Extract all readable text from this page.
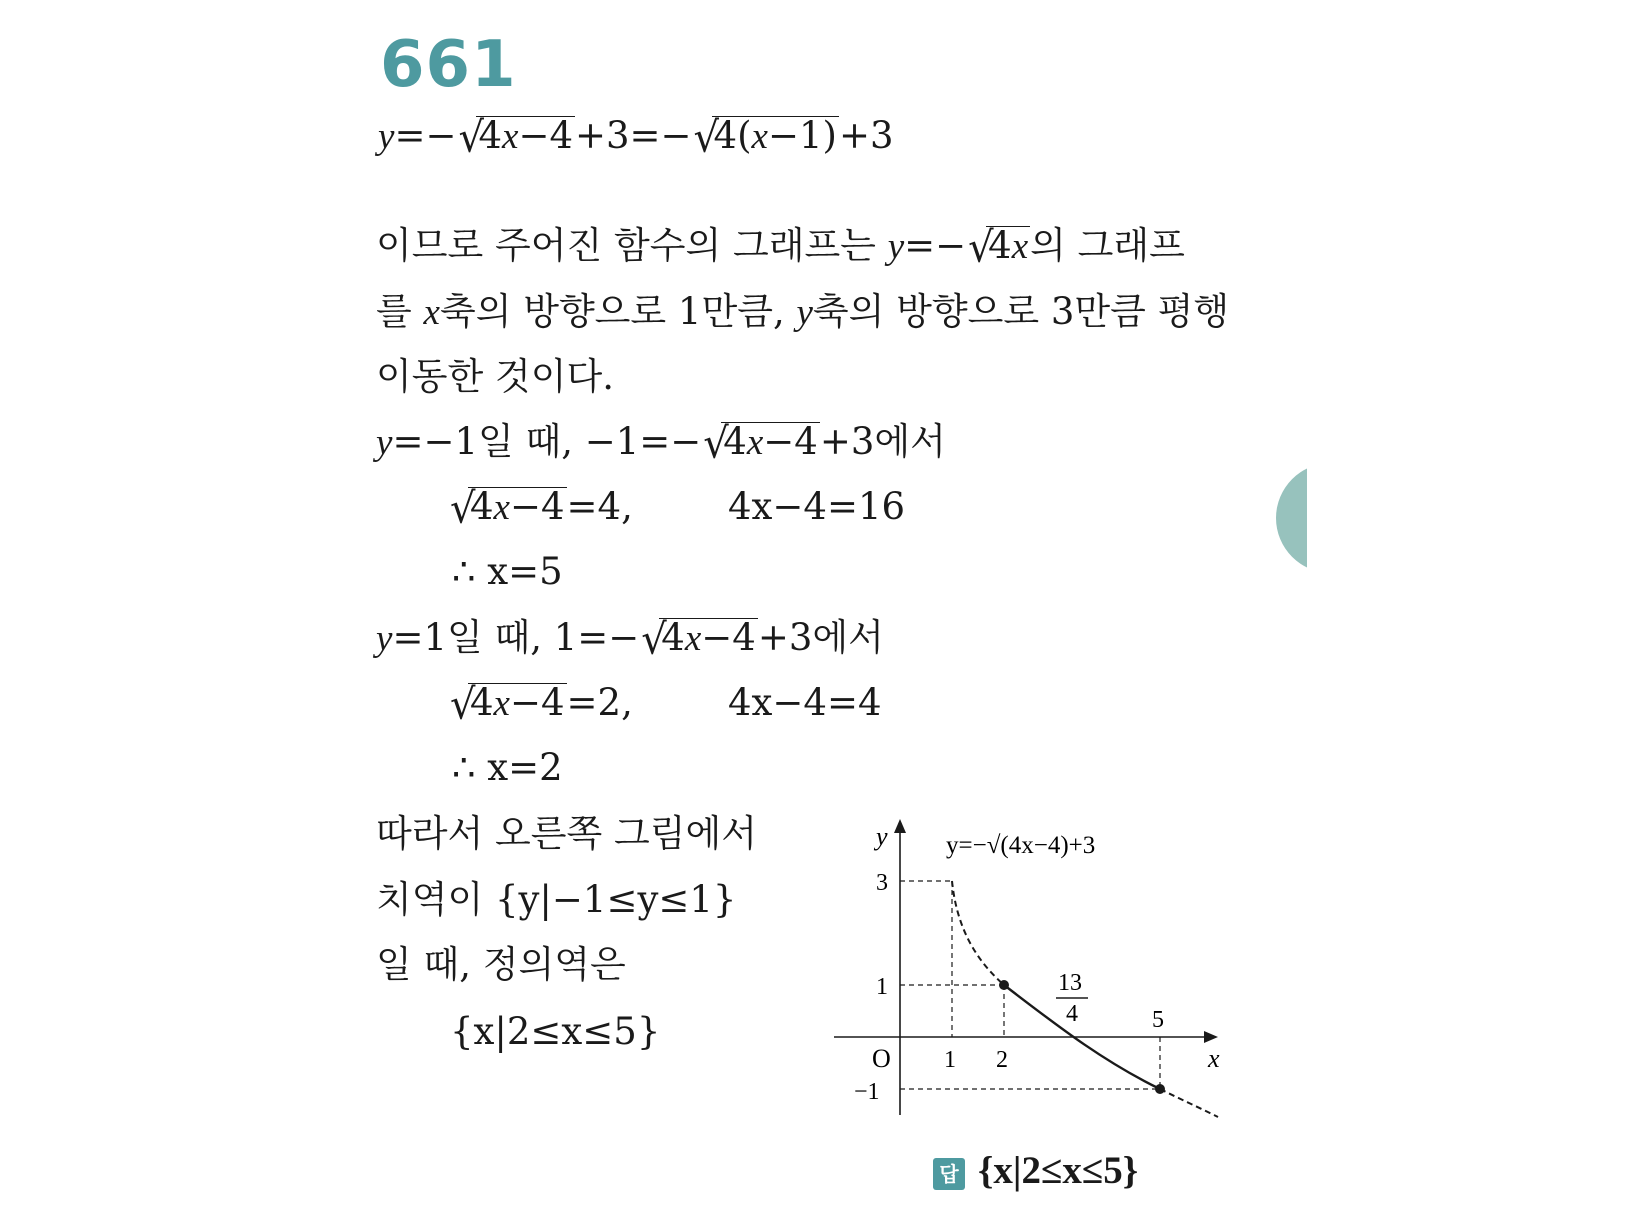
661
y=− √
4x−4+3=− √
4(x−1)+3
이므로 주어진 함수의 그래프는 y=− √
4x의 그래프
를 x축의 방향으로 1만큼, y축의 방향으로 3만큼 평행
이동한 것이다.
y=−1일 때, −1=− √
4x−4+3에서
√
4x−4=4,	4x−4=16
∴ x=5
y=1일 때, 1=− √
4x−4+3에서
√
4x−4=2,	4x−4=4
∴ x=2
따라서 오른쪽 그림에서
치역이 {y|−1≤y≤1}
일 때, 정의역은
{x|2≤x≤5}
y
x
O 1 2
5
3
1
−1
13
4
y=−√(4x−4)+3
답 {x|2≤x≤5}
